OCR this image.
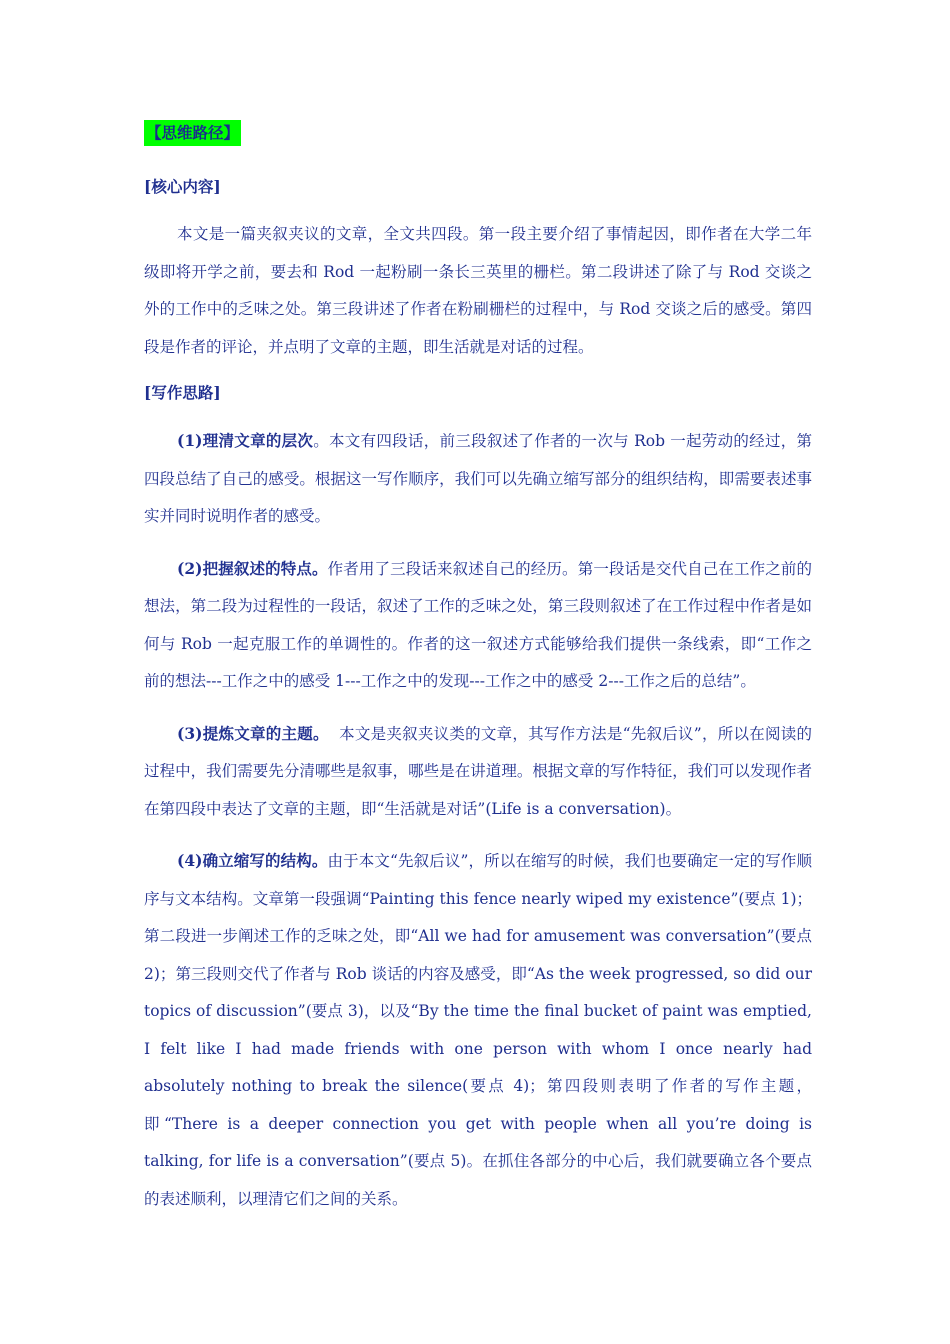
【思维路径】
[核心内容]

本文是一篇夹叙夹议的文章，全文共四段。第一段主要介绍了事情起因，即作者在大学二年级即将开学之前，要去和 Rod 一起粉刷一条长三英里的栅栏。第二段讲述了除了与 Rod 交谈之外的工作中的乏味之处。第三段讲述了作者在粉刷栅栏的过程中，与 Rod 交谈之后的感受。第四段是作者的评论，并点明了文章的主题，即生活就是对话的过程。

[写作思路]

(1)理清文章的层次。本文有四段话，前三段叙述了作者的一次与 Rob 一起劳动的经过，第四段总结了自己的感受。根据这一写作顺序，我们可以先确立缩写部分的组织结构，即需要表述事实并同时说明作者的感受。

(2)把握叙述的特点。作者用了三段话来叙述自己的经历。第一段话是交代自己在工作之前的想法，第二段为过程性的一段话，叙述了工作的乏味之处，第三段则叙述了在工作过程中作者是如何与 Rob 一起克服工作的单调性的。作者的这一叙述方式能够给我们提供一条线索，即“工作之前的想法---工作之中的感受 1---工作之中的发现---工作之中的感受 2---工作之后的总结”。

(3)提炼文章的主题。  本文是夹叙夹议类的文章，其写作方法是“先叙后议”，所以在阅读的过程中，我们需要先分清哪些是叙事，哪些是在讲道理。根据文章的写作特征，我们可以发现作者在第四段中表达了文章的主题，即“生活就是对话”(Life is a conversation)。

(4)确立缩写的结构。由于本文“先叙后议”，所以在缩写的时候，我们也要确定一定的写作顺序与文本结构。文章第一段强调“Painting this fence nearly wiped my existence”(要点 1)；第二段进一步阐述工作的乏味之处，即“All we had for amusement was conversation”(要点 2)；第三段则交代了作者与 Rob 谈话的内容及感受，即“As the week progressed, so did our topics of discussion”(要点 3)，以及“By the time the final bucket of paint was emptied, I felt like I had made friends with one person with whom I once nearly had absolutely nothing to break the silence(要点 4)；第四段则表明了作者的写作主题，即“There is a deeper connection you get with people when all you’re doing is talking, for life is a conversation”(要点 5)。在抓住各部分的中心后，我们就要确立各个要点的表述顺利，以理清它们之间的关系。
